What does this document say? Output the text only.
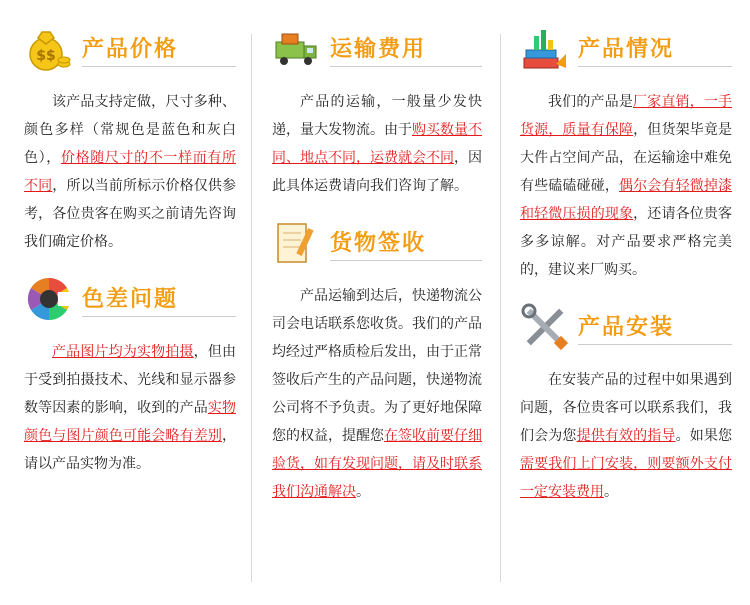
$$ 产品价格

该产品支持定做，尺寸多种、颜色多样（常规色是蓝色和灰白色），价格随尺寸的不一样而有所不同，所以当前所标示价格仅供参考，各位贵客在购买之前请先咨询我们确定价格。

色差问题

产品图片均为实物拍摄，但由于受到拍摄技术、光线和显示器参数等因素的影响，收到的产品实物颜色与图片颜色可能会略有差别，请以产品实物为准。

运输费用

产品的运输，一般量少发快递，量大发物流。由于购买数量不同、地点不同，运费就会不同，因此具体运费请向我们咨询了解。

货物签收

产品运输到达后，快递物流公司会电话联系您收货。我们的产品均经过严格质检后发出，由于正常签收后产生的产品问题，快递物流公司将不予负责。为了更好地保障您的权益，提醒您在签收前要仔细验货，如有发现问题，请及时联系我们沟通解决。

产品情况

我们的产品是厂家直销，一手货源，质量有保障，但货架毕竟是大件占空间产品，在运输途中难免有些磕磕碰碰，偶尔会有轻微掉漆和轻微压损的现象，还请各位贵客多多谅解。对产品要求严格完美的，建议来厂购买。

产品安装

在安装产品的过程中如果遇到问题，各位贵客可以联系我们，我们会为您提供有效的指导。如果您需要我们上门安装，则要额外支付一定安装费用。
